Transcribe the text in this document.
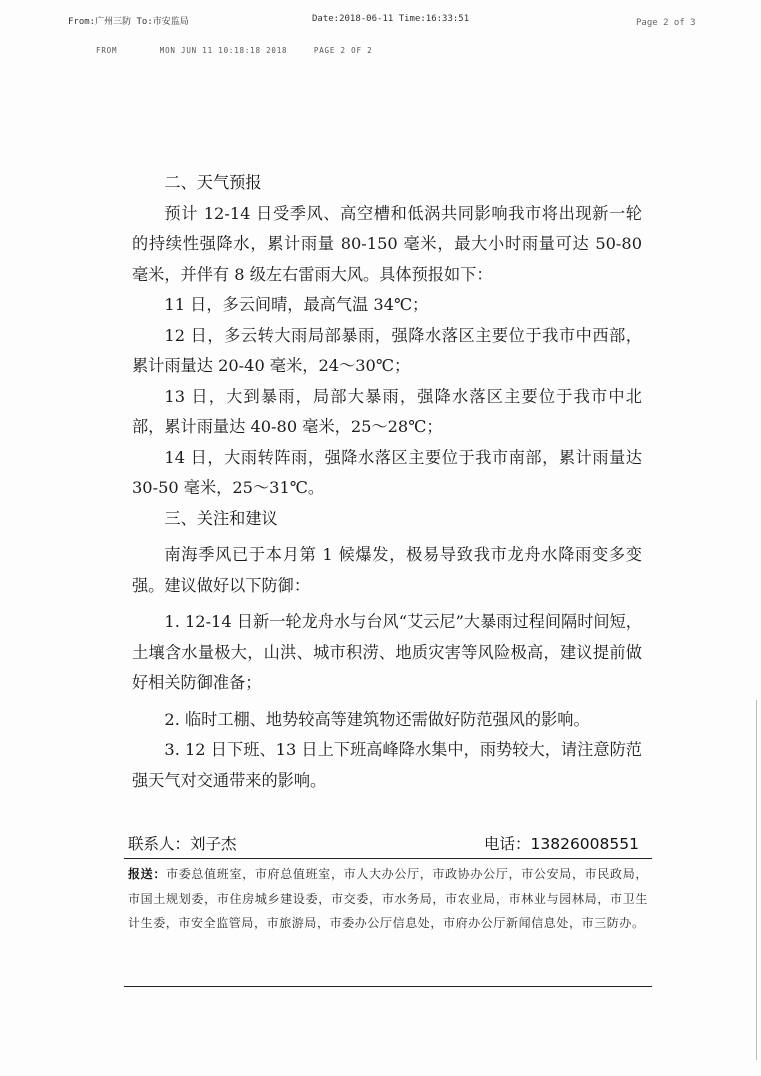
From:广州三防 To:市安监局	Date:2018-06-11 Time:16:33:51	Page 2 of 3
FROM        MON JUN 11 10:18:18 2018     PAGE 2 OF 2

二、天气预报

预计 12-14 日受季风、高空槽和低涡共同影响我市将出现新一轮的持续性强降水，累计雨量 80-150 毫米，最大小时雨量可达 50-80 毫米，并伴有 8 级左右雷雨大风。具体预报如下：

11 日，多云间晴，最高气温 34℃；

12 日，多云转大雨局部暴雨，强降水落区主要位于我市中西部，累计雨量达 20-40 毫米，24～30℃；

13 日，大到暴雨，局部大暴雨，强降水落区主要位于我市中北部，累计雨量达 40-80 毫米，25～28℃；

14 日，大雨转阵雨，强降水落区主要位于我市南部，累计雨量达 30-50 毫米，25～31℃。

三、关注和建议

南海季风已于本月第 1 候爆发，极易导致我市龙舟水降雨变多变强。建议做好以下防御：

1. 12-14 日新一轮龙舟水与台风“艾云尼”大暴雨过程间隔时间短，土壤含水量极大，山洪、城市积涝、地质灾害等风险极高，建议提前做好相关防御准备；

2. 临时工棚、地势较高等建筑物还需做好防范强风的影响。

3. 12 日下班、13 日上下班高峰降水集中，雨势较大，请注意防范强天气对交通带来的影响。

联系人：刘子杰	电话：13826008551
报送：市委总值班室，市府总值班室，市人大办公厅，市政协办公厅，市公安局，市民政局，市国土规划委，市住房城乡建设委，市交委，市水务局，市农业局，市林业与园林局，市卫生计生委，市安全监管局，市旅游局，市委办公厅信息处，市府办公厅新闻信息处，市三防办。
